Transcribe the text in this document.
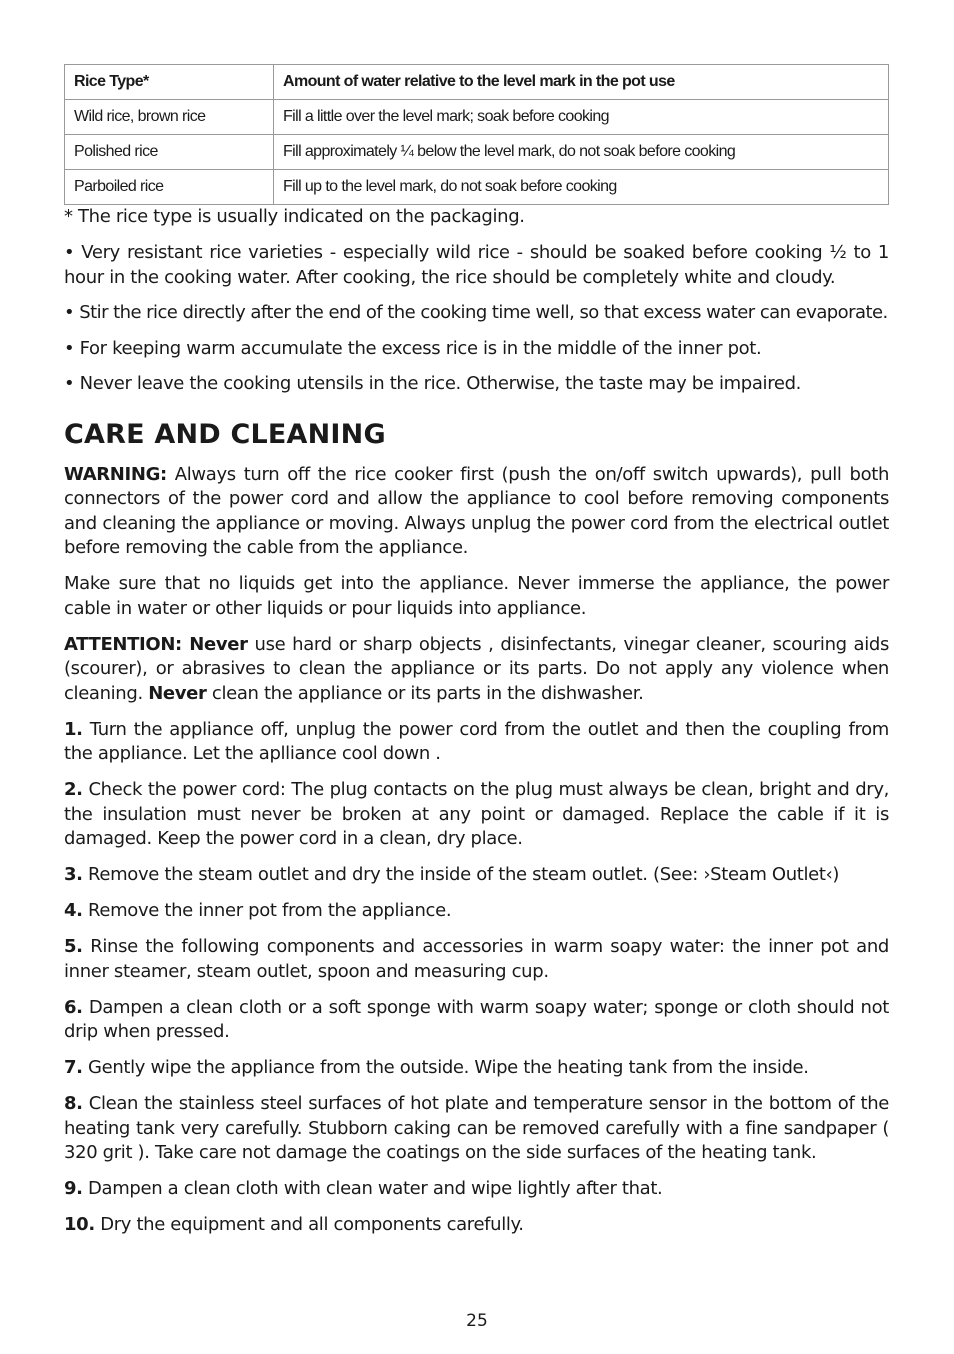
Rice Type*	Amount of water relative to the level mark in the pot use
Wild rice, brown rice	Fill a little over the level mark; soak before cooking
Polished rice	Fill approximately ¼ below the level mark, do not soak before cooking
Parboiled rice	Fill up to the level mark, do not soak before cooking

* The rice type is usually indicated on the packaging.

• Very resistant rice varieties - especially wild rice - should be soaked before cooking ½ to 1 hour in the cooking water. After cooking, the rice should be completely white and cloudy.

• Stir the rice directly after the end of the cooking time well, so that excess water can evaporate.

• For keeping warm accumulate the excess rice is in the middle of the inner pot.

• Never leave the cooking utensils in the rice. Otherwise, the taste may be impaired.

CARE AND CLEANING

WARNING: Always turn off the rice cooker first (push the on/off switch upwards), pull both connectors of the power cord and allow the appliance to cool before removing components and cleaning the appliance or moving. Always unplug the power cord from the electrical outlet before removing the cable from the appliance.

Make sure that no liquids get into the appliance. Never immerse the appliance, the power cable in water or other liquids or pour liquids into appliance.

ATTENTION: Never use hard or sharp objects , disinfectants, vinegar cleaner, scouring aids (scourer), or abrasives to clean the appliance or its parts. Do not apply any violence when cleaning. Never clean the appliance or its parts in the dishwasher.

1. Turn the appliance off, unplug the power cord from the outlet and then the coupling from the appliance. Let the aplliance cool down .

2. Check the power cord: The plug contacts on the plug must always be clean, bright and dry, the insulation must never be broken at any point or damaged. Replace the cable if it is damaged. Keep the power cord in a clean, dry place.

3. Remove the steam outlet and dry the inside of the steam outlet. (See: ›Steam Outlet‹)

4. Remove the inner pot from the appliance.

5. Rinse the following components and accessories in warm soapy water: the inner pot and inner steamer, steam outlet, spoon and measuring cup.

6. Dampen a clean cloth or a soft sponge with warm soapy water; sponge or cloth should not drip when pressed.

7. Gently wipe the appliance from the outside. Wipe the heating tank from the inside.

8. Clean the stainless steel surfaces of hot plate and temperature sensor in the bottom of the heating tank very carefully. Stubborn caking can be removed carefully with a fine sandpaper ( 320 grit ). Take care not damage the coatings on the side surfaces of the heating tank.

9. Dampen a clean cloth with clean water and wipe lightly after that.

10. Dry the equipment and all components carefully.

25
